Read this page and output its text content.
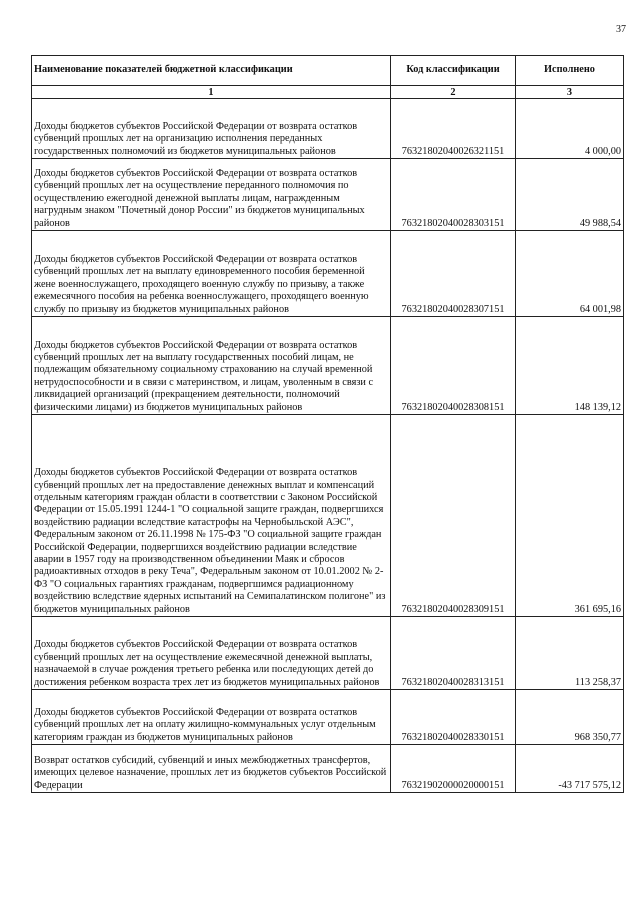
37
Наименование показателей бюджетной классификации	Код классификации	Исполнено
1	2	3
Доходы бюджетов субъектов Российской Федерации от возврата остатков субвенций прошлых лет на организацию исполнения переданных государственных полномочий из бюджетов муниципальных районов	76321802040026321151	4 000,00
Доходы бюджетов субъектов Российской Федерации от возврата остатков субвенций прошлых лет на осуществление переданного полномочия по осуществлению ежегодной денежной выплаты лицам, награжденным нагрудным знаком "Почетный донор России" из бюджетов муниципальных районов	76321802040028303151	49 988,54
Доходы бюджетов субъектов Российской Федерации от возврата остатков субвенций прошлых лет на выплату единовременного пособия беременной жене военнослужащего, проходящего военную службу по призыву, а также ежемесячного пособия на ребенка военнослужащего, проходящего военную службу по призыву из бюджетов муниципальных районов	76321802040028307151	64 001,98
Доходы бюджетов субъектов Российской Федерации от возврата остатков субвенций прошлых лет на выплату государственных пособий лицам, не подлежащим обязательному социальному страхованию на случай временной нетрудоспособности и в связи с материнством, и лицам, уволенным в связи с ликвидацией организаций (прекращением деятельности, полномочий физическими лицами) из бюджетов муниципальных районов	76321802040028308151	148 139,12
Доходы бюджетов субъектов Российской Федерации от возврата остатков субвенций прошлых лет на предоставление денежных выплат и компенсаций отдельным категориям граждан области в соответствии с Законом Российской Федерации от 15.05.1991 1244-1 "О социальной защите граждан, подвергшихся воздействию радиации вследствие катастрофы на Чернобыльской АЭС", Федеральным законом от 26.11.1998 № 175-ФЗ "О социальной защите граждан Российской Федерации, подвергшихся воздействию радиации вследствие аварии в 1957 году на производственном объединении Маяк и сбросов радиоактивных отходов в реку Теча", Федеральным законом от 10.01.2002 № 2-ФЗ "О социальных гарантиях гражданам, подвергшимся радиационному воздействию вследствие ядерных испытаний на Семипалатинском полигоне" из бюджетов муниципальных районов	76321802040028309151	361 695,16
Доходы бюджетов субъектов Российской Федерации от возврата остатков субвенций прошлых лет на осуществление ежемесячной денежной выплаты, назначаемой в случае рождения третьего ребенка или последующих детей до достижения ребенком возраста трех лет из бюджетов муниципальных районов	76321802040028313151	113 258,37
Доходы бюджетов субъектов Российской Федерации от возврата остатков субвенций прошлых лет на оплату жилищно-коммунальных услуг отдельным категориям граждан из бюджетов муниципальных районов	76321802040028330151	968 350,77
Возврат остатков субсидий, субвенций и иных межбюджетных трансфертов, имеющих целевое назначение, прошлых лет из бюджетов субъектов Российской Федерации	76321902000020000151	-43 717 575,12
